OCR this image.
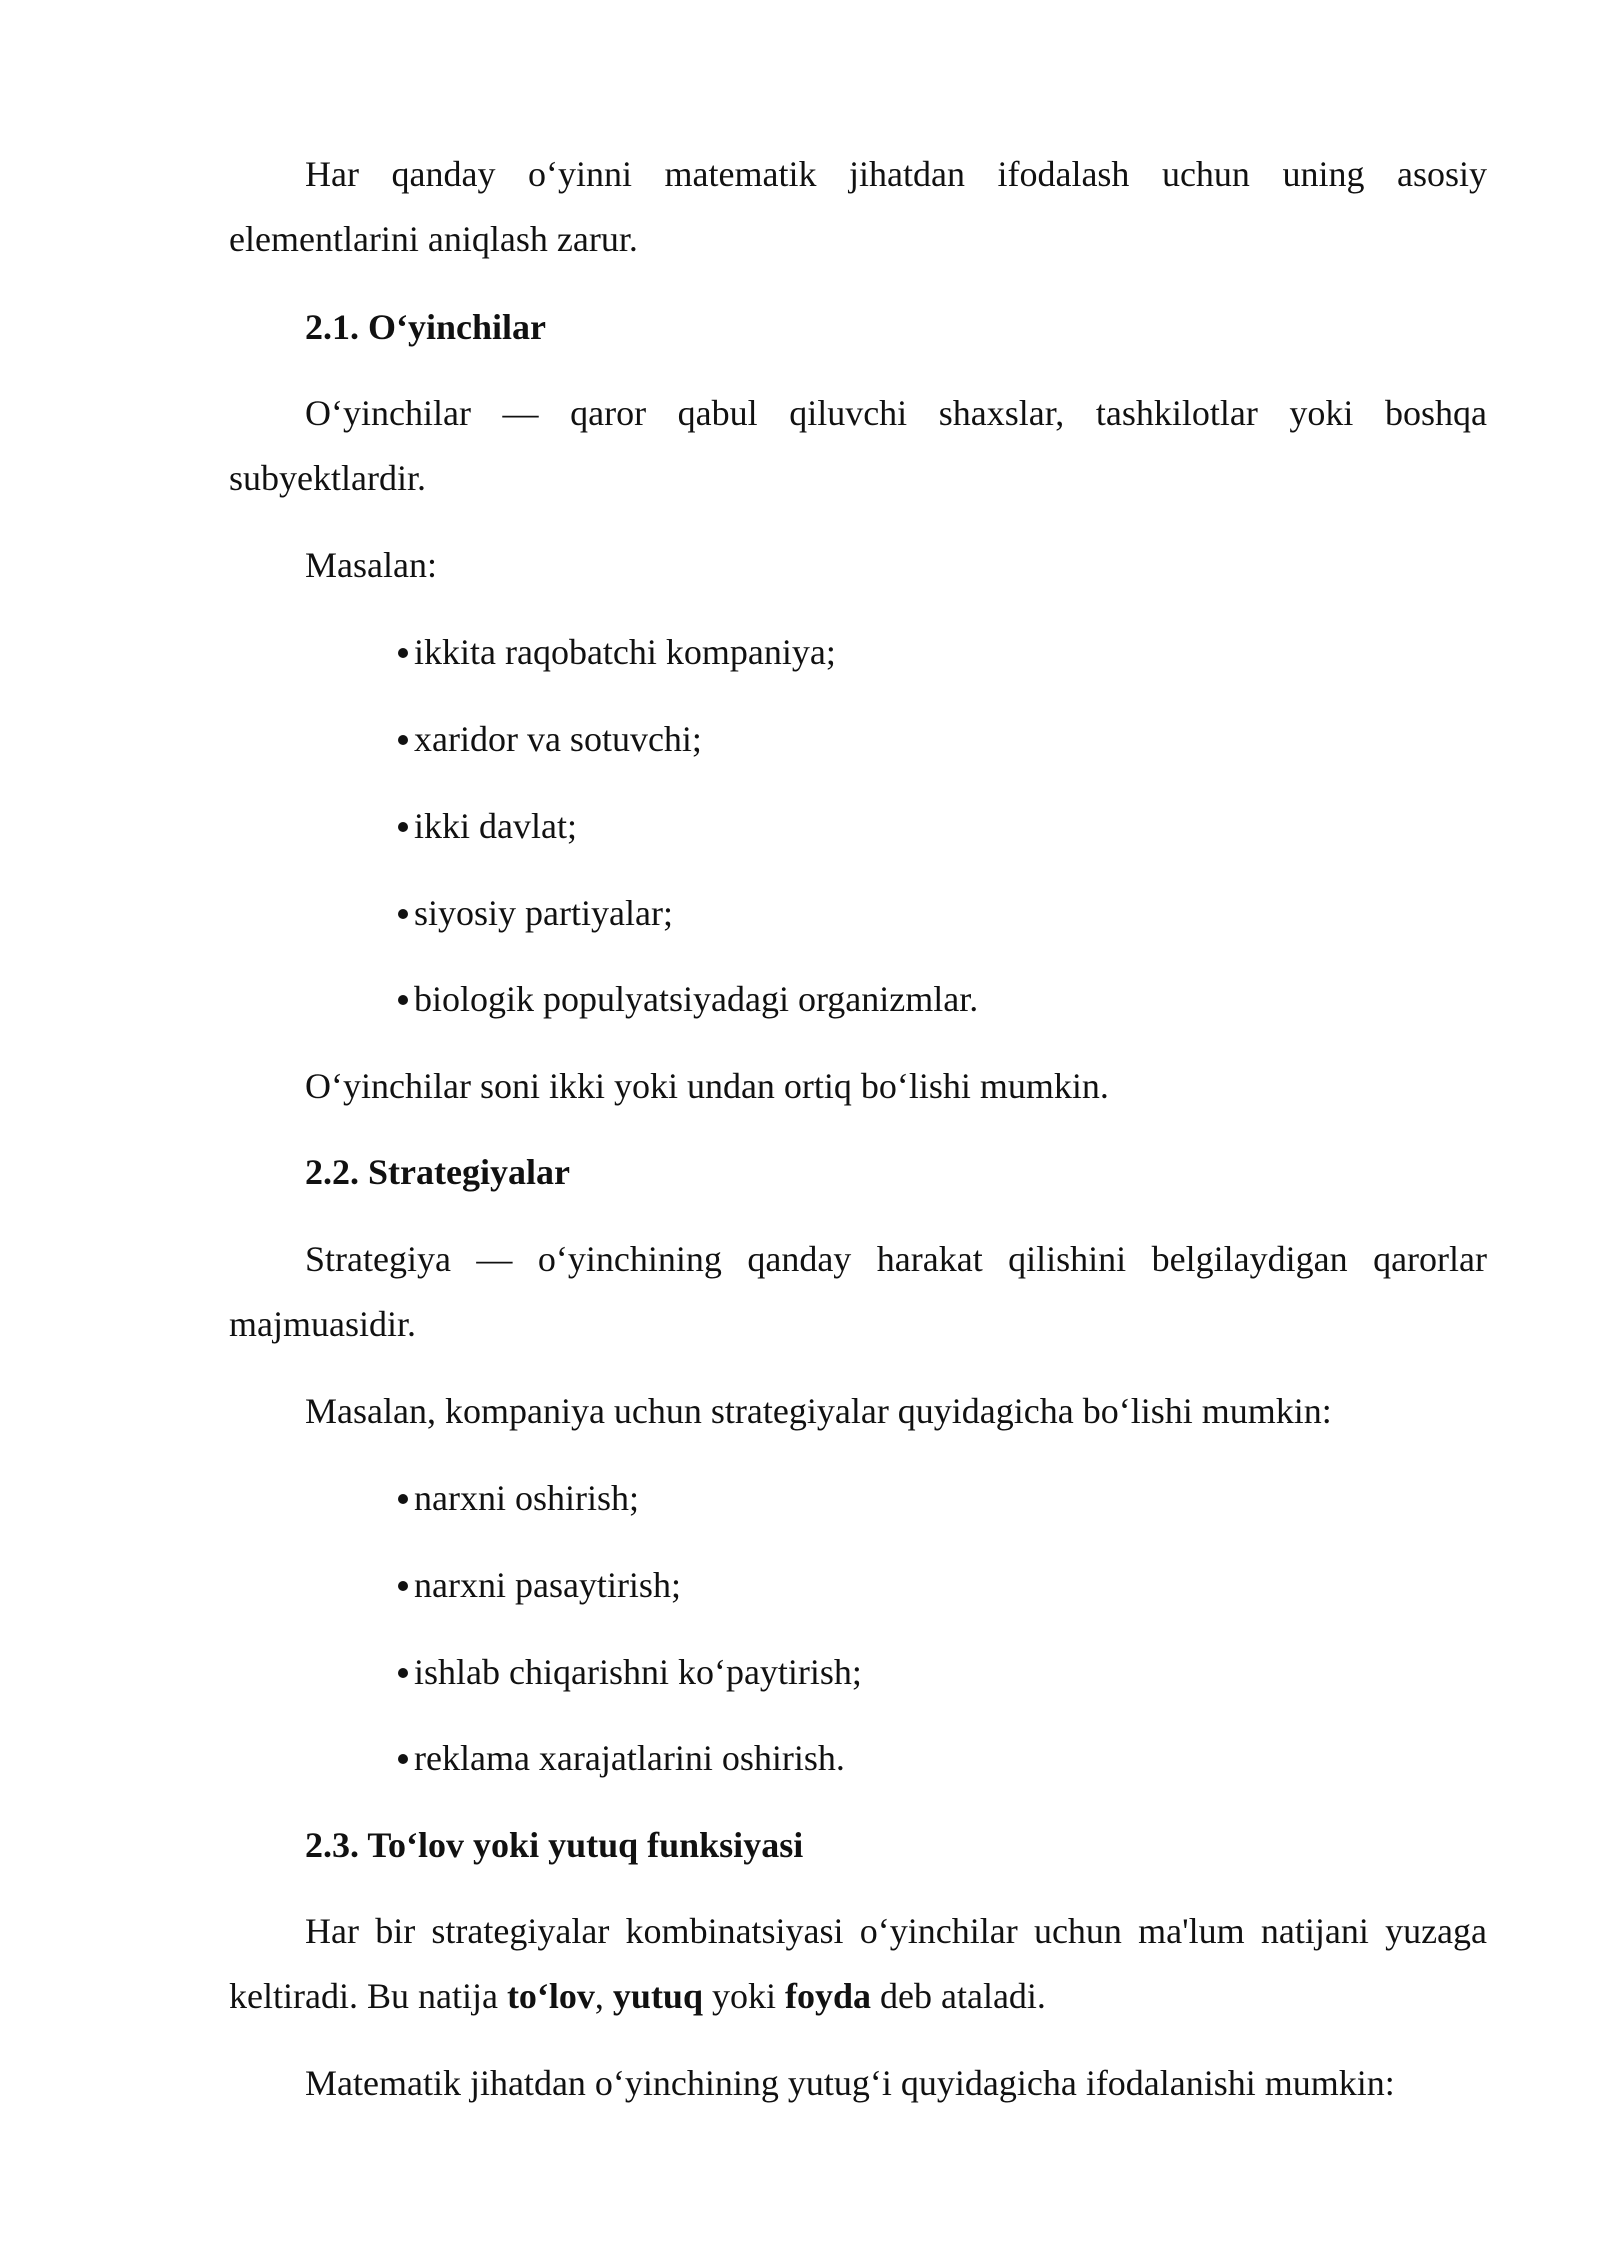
Har qanday o‘yinni matematik jihatdan ifodalash uchun uning asosiy elementlarini aniqlash zarur.

2.1. O‘yinchilar

O‘yinchilar — qaror qabul qiluvchi shaxslar, tashkilotlar yoki boshqa subyektlardir.

Masalan:

ikkita raqobatchi kompaniya;
xaridor va sotuvchi;
ikki davlat;
siyosiy partiyalar;
biologik populyatsiyadagi organizmlar.

O‘yinchilar soni ikki yoki undan ortiq bo‘lishi mumkin.

2.2. Strategiyalar

Strategiya — o‘yinchining qanday harakat qilishini belgilaydigan qarorlar majmuasidir.

Masalan, kompaniya uchun strategiyalar quyidagicha bo‘lishi mumkin:

narxni oshirish;
narxni pasaytirish;
ishlab chiqarishni ko‘paytirish;
reklama xarajatlarini oshirish.

2.3. To‘lov yoki yutuq funksiyasi

Har bir strategiyalar kombinatsiyasi o‘yinchilar uchun ma'lum natijani yuzaga keltiradi. Bu natija to‘lov, yutuq yoki foyda deb ataladi.

Matematik jihatdan o‘yinchining yutug‘i quyidagicha ifodalanishi mumkin:
